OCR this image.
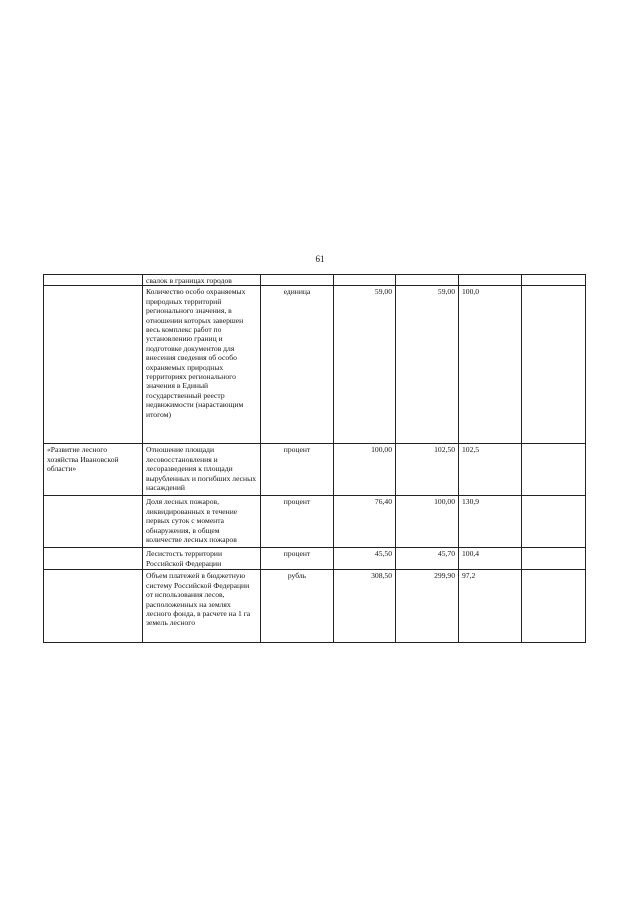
61

	свалок в границах городов					

	Количество особо охраняемых природных территорий регионального значения, в отношении которых завершен весь комплекс работ по установлению границ и подготовке документов для внесения сведения об особо охраняемых природных территориях регионального значения в Единый государственный реестр недвижимости (нарастающим итогом)	единица	59,00	59,00	100,0	

«Развитие лесного хозяйства Ивановской области»	Отношение площади лесовосстановления и лесоразведения к площади вырубленных и погибших лесных насаждений	процент	100,00	102,50	102,5	

	Доля лесных пожаров, ликвидированных в течение первых суток с момента обнаружения, в общем количестве лесных пожаров	процент	76,40	100,00	130,9	

	Лесистость территории Российской Федерации	процент	45,50	45,70	100,4	

	Объем платежей в бюджетную систему Российской Федерации от использования лесов, расположенных на землях лесного фонда, в расчете на 1 га земель лесного	рубль	308,50	299,90	97,2	
